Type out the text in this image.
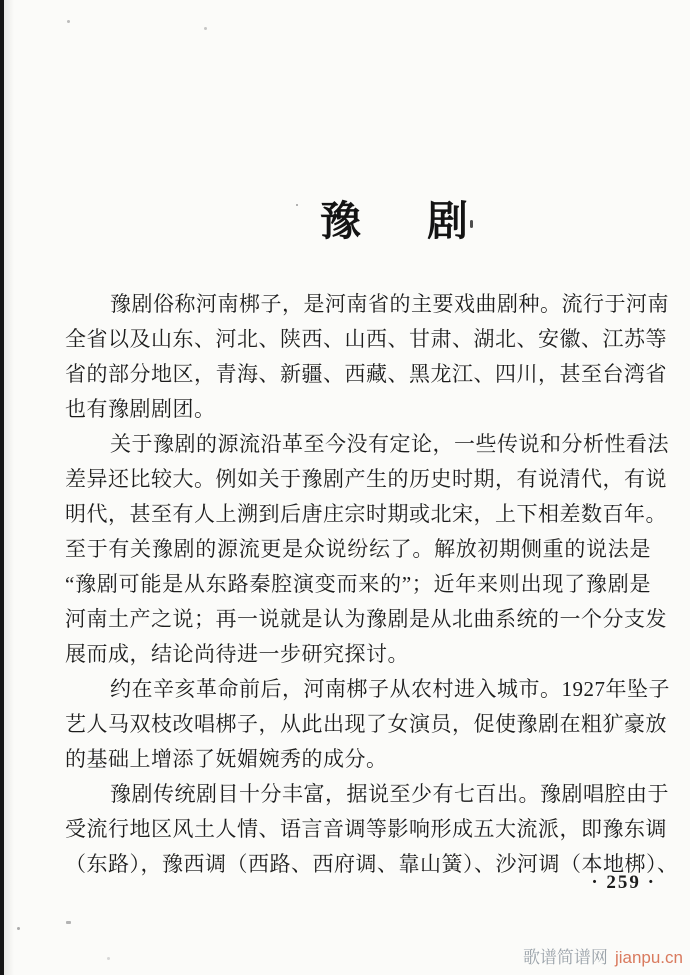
豫剧
豫剧俗称河南梆子，是河南省的主要戏曲剧种。流行于河南
全省以及山东、河北、陕西、山西、甘肃、湖北、安徽、江苏等
省的部分地区，青海、新疆、西藏、黑龙江、四川，甚至台湾省
也有豫剧剧团。
关于豫剧的源流沿革至今没有定论，一些传说和分析性看法
差异还比较大。例如关于豫剧产生的历史时期，有说清代，有说
明代，甚至有人上溯到后唐庄宗时期或北宋，上下相差数百年。
至于有关豫剧的源流更是众说纷纭了。解放初期侧重的说法是
“豫剧可能是从东路秦腔演变而来的”；近年来则出现了豫剧是
河南土产之说；再一说就是认为豫剧是从北曲系统的一个分支发
展而成，结论尚待进一步研究探讨。
约在辛亥革命前后，河南梆子从农村进入城市。1927年坠子
艺人马双枝改唱梆子，从此出现了女演员，促使豫剧在粗犷豪放
的基础上增添了妩媚婉秀的成分。
豫剧传统剧目十分丰富，据说至少有七百出。豫剧唱腔由于
受流行地区风土人情、语言音调等影响形成五大流派，即豫东调
（东路），豫西调（西路、西府调、靠山簧）、沙河调（本地梆）、
· 259 ·
歌谱简谱网 jianpu.cn
